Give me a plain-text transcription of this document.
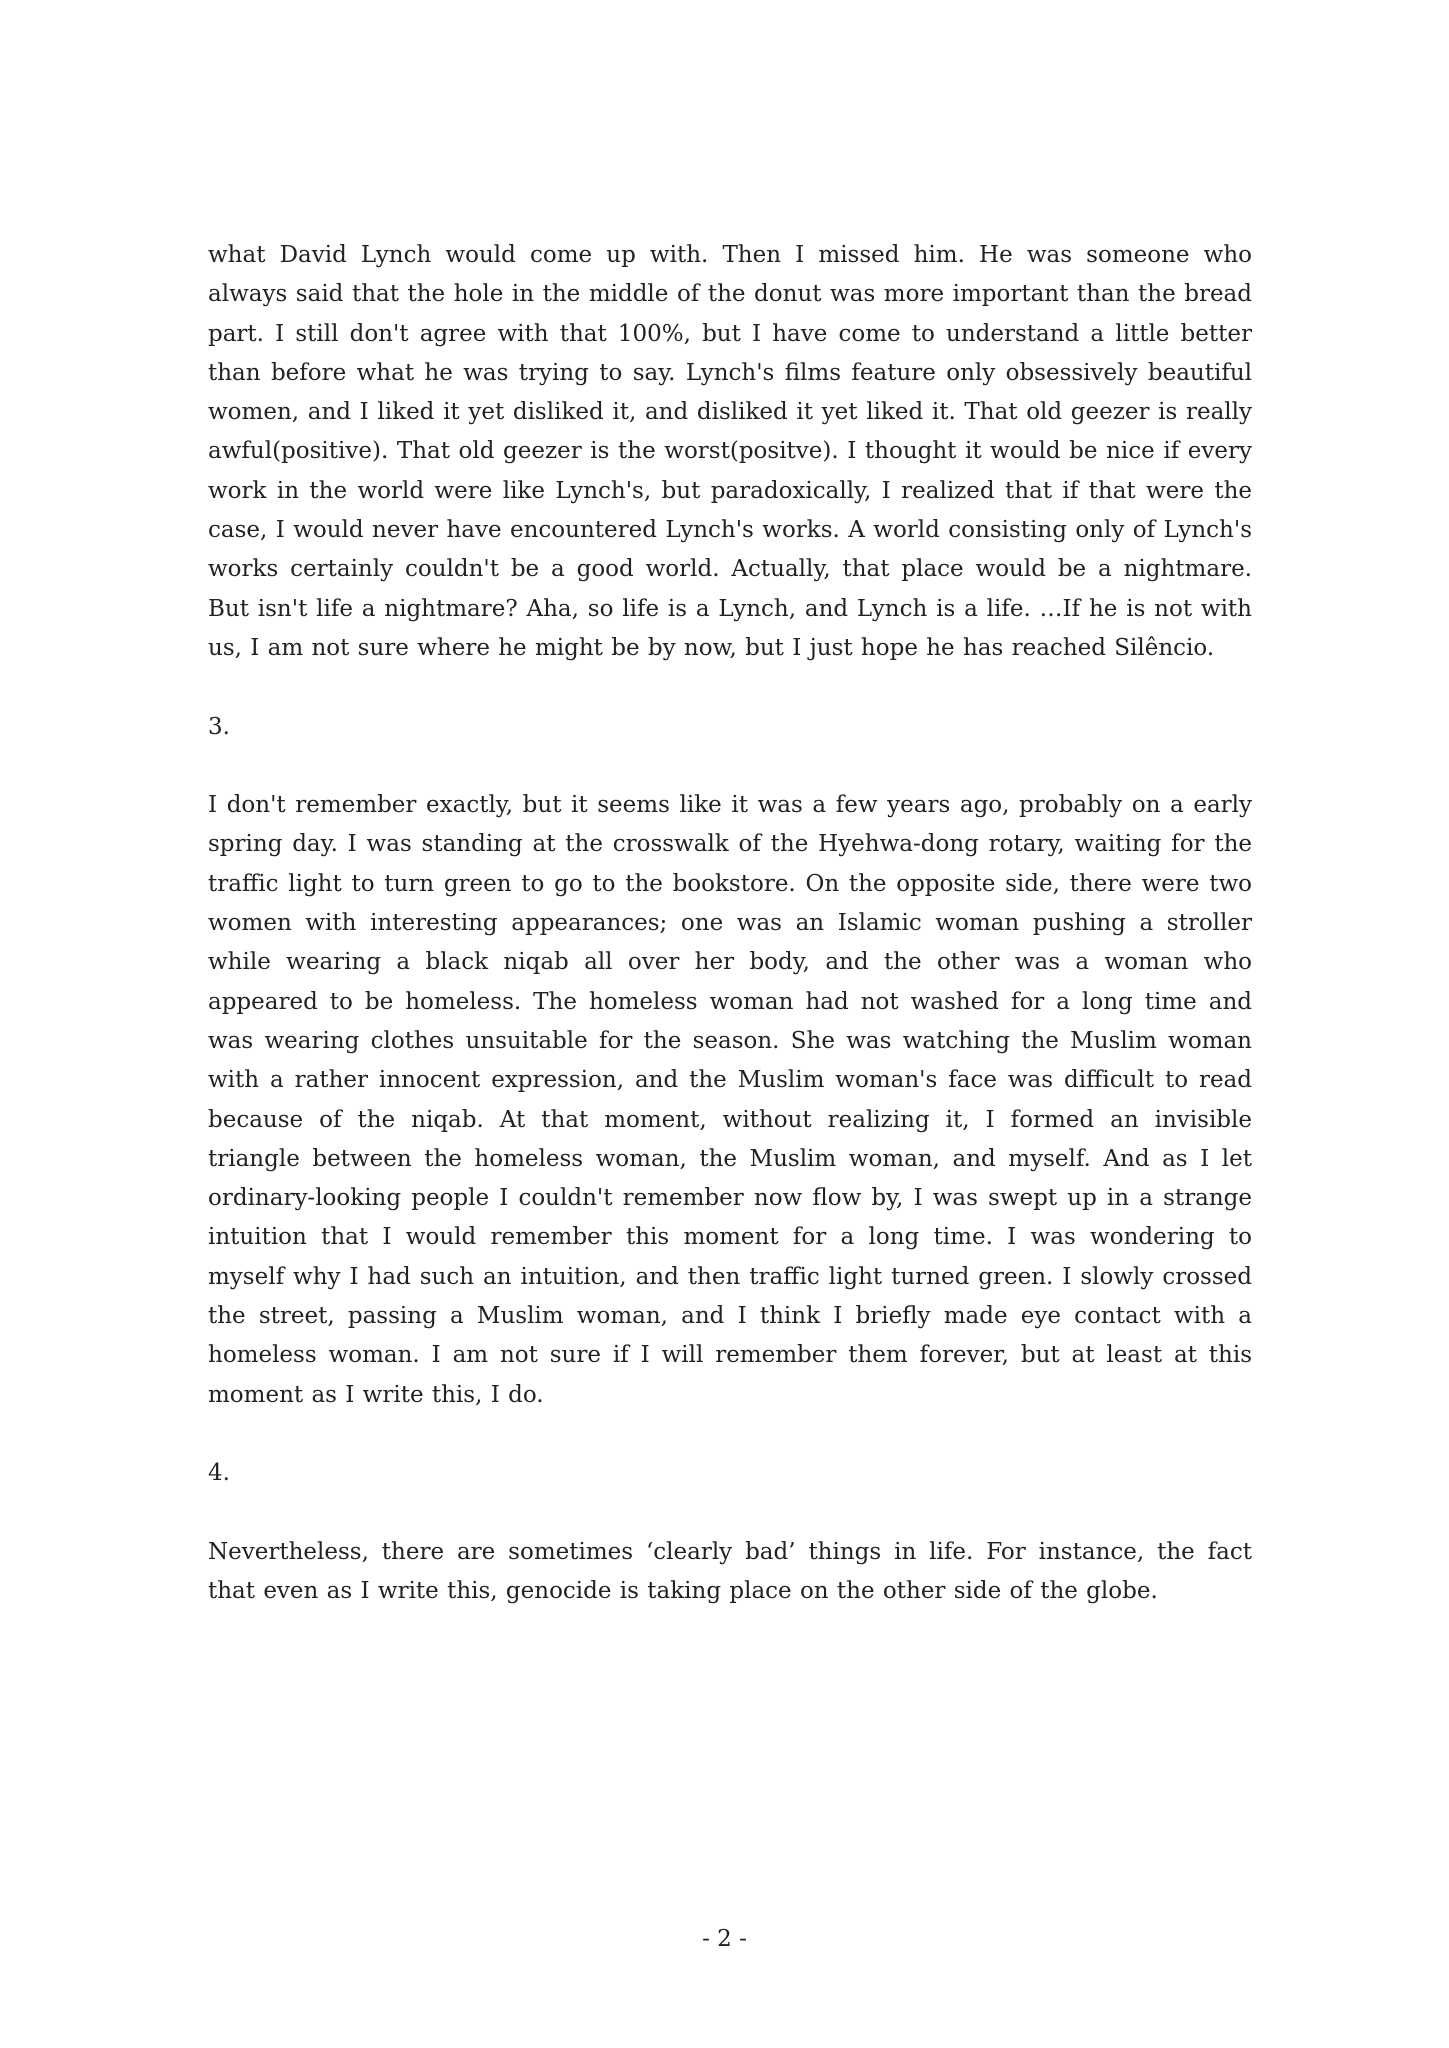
what David Lynch would come up with. Then I missed him. He was someone who always said that the hole in the middle of the donut was more important than the bread part. I still don't agree with that 100%, but I have come to understand a little better than before what he was trying to say. Lynch's films feature only obsessively beautiful women, and I liked it yet disliked it, and disliked it yet liked it. That old geezer is really awful(positive). That old geezer is the worst(positve). I thought it would be nice if every work in the world were like Lynch's, but paradoxically, I realized that if that were the case, I would never have encountered Lynch's works. A world consisting only of Lynch's works certainly couldn't be a good world. Actually, that place would be a nightmare. But isn't life a nightmare? Aha, so life is a Lynch, and Lynch is a life. …If he is not with us, I am not sure where he might be by now, but I just hope he has reached Silêncio.

3.

I don't remember exactly, but it seems like it was a few years ago, probably on a early spring day. I was standing at the crosswalk of the Hyehwa-dong rotary, waiting for the traffic light to turn green to go to the bookstore. On the opposite side, there were two women with interesting appearances; one was an Islamic woman pushing a stroller while wearing a black niqab all over her body, and the other was a woman who appeared to be homeless. The homeless woman had not washed for a long time and was wearing clothes unsuitable for the season. She was watching the Muslim woman with a rather innocent expression, and the Muslim woman's face was difficult to read because of the niqab. At that moment, without realizing it, I formed an invisible triangle between the homeless woman, the Muslim woman, and myself. And as I let ordinary-looking people I couldn't remember now flow by, I was swept up in a strange intuition that I would remember this moment for a long time. I was wondering to myself why I had such an intuition, and then traffic light turned green. I slowly crossed the street, passing a Muslim woman, and I think I briefly made eye contact with a homeless woman. I am not sure if I will remember them forever, but at least at this moment as I write this, I do.

4.

Nevertheless, there are sometimes ‘clearly bad’ things in life. For instance, the fact that even as I write this, genocide is taking place on the other side of the globe.

- 2 -
